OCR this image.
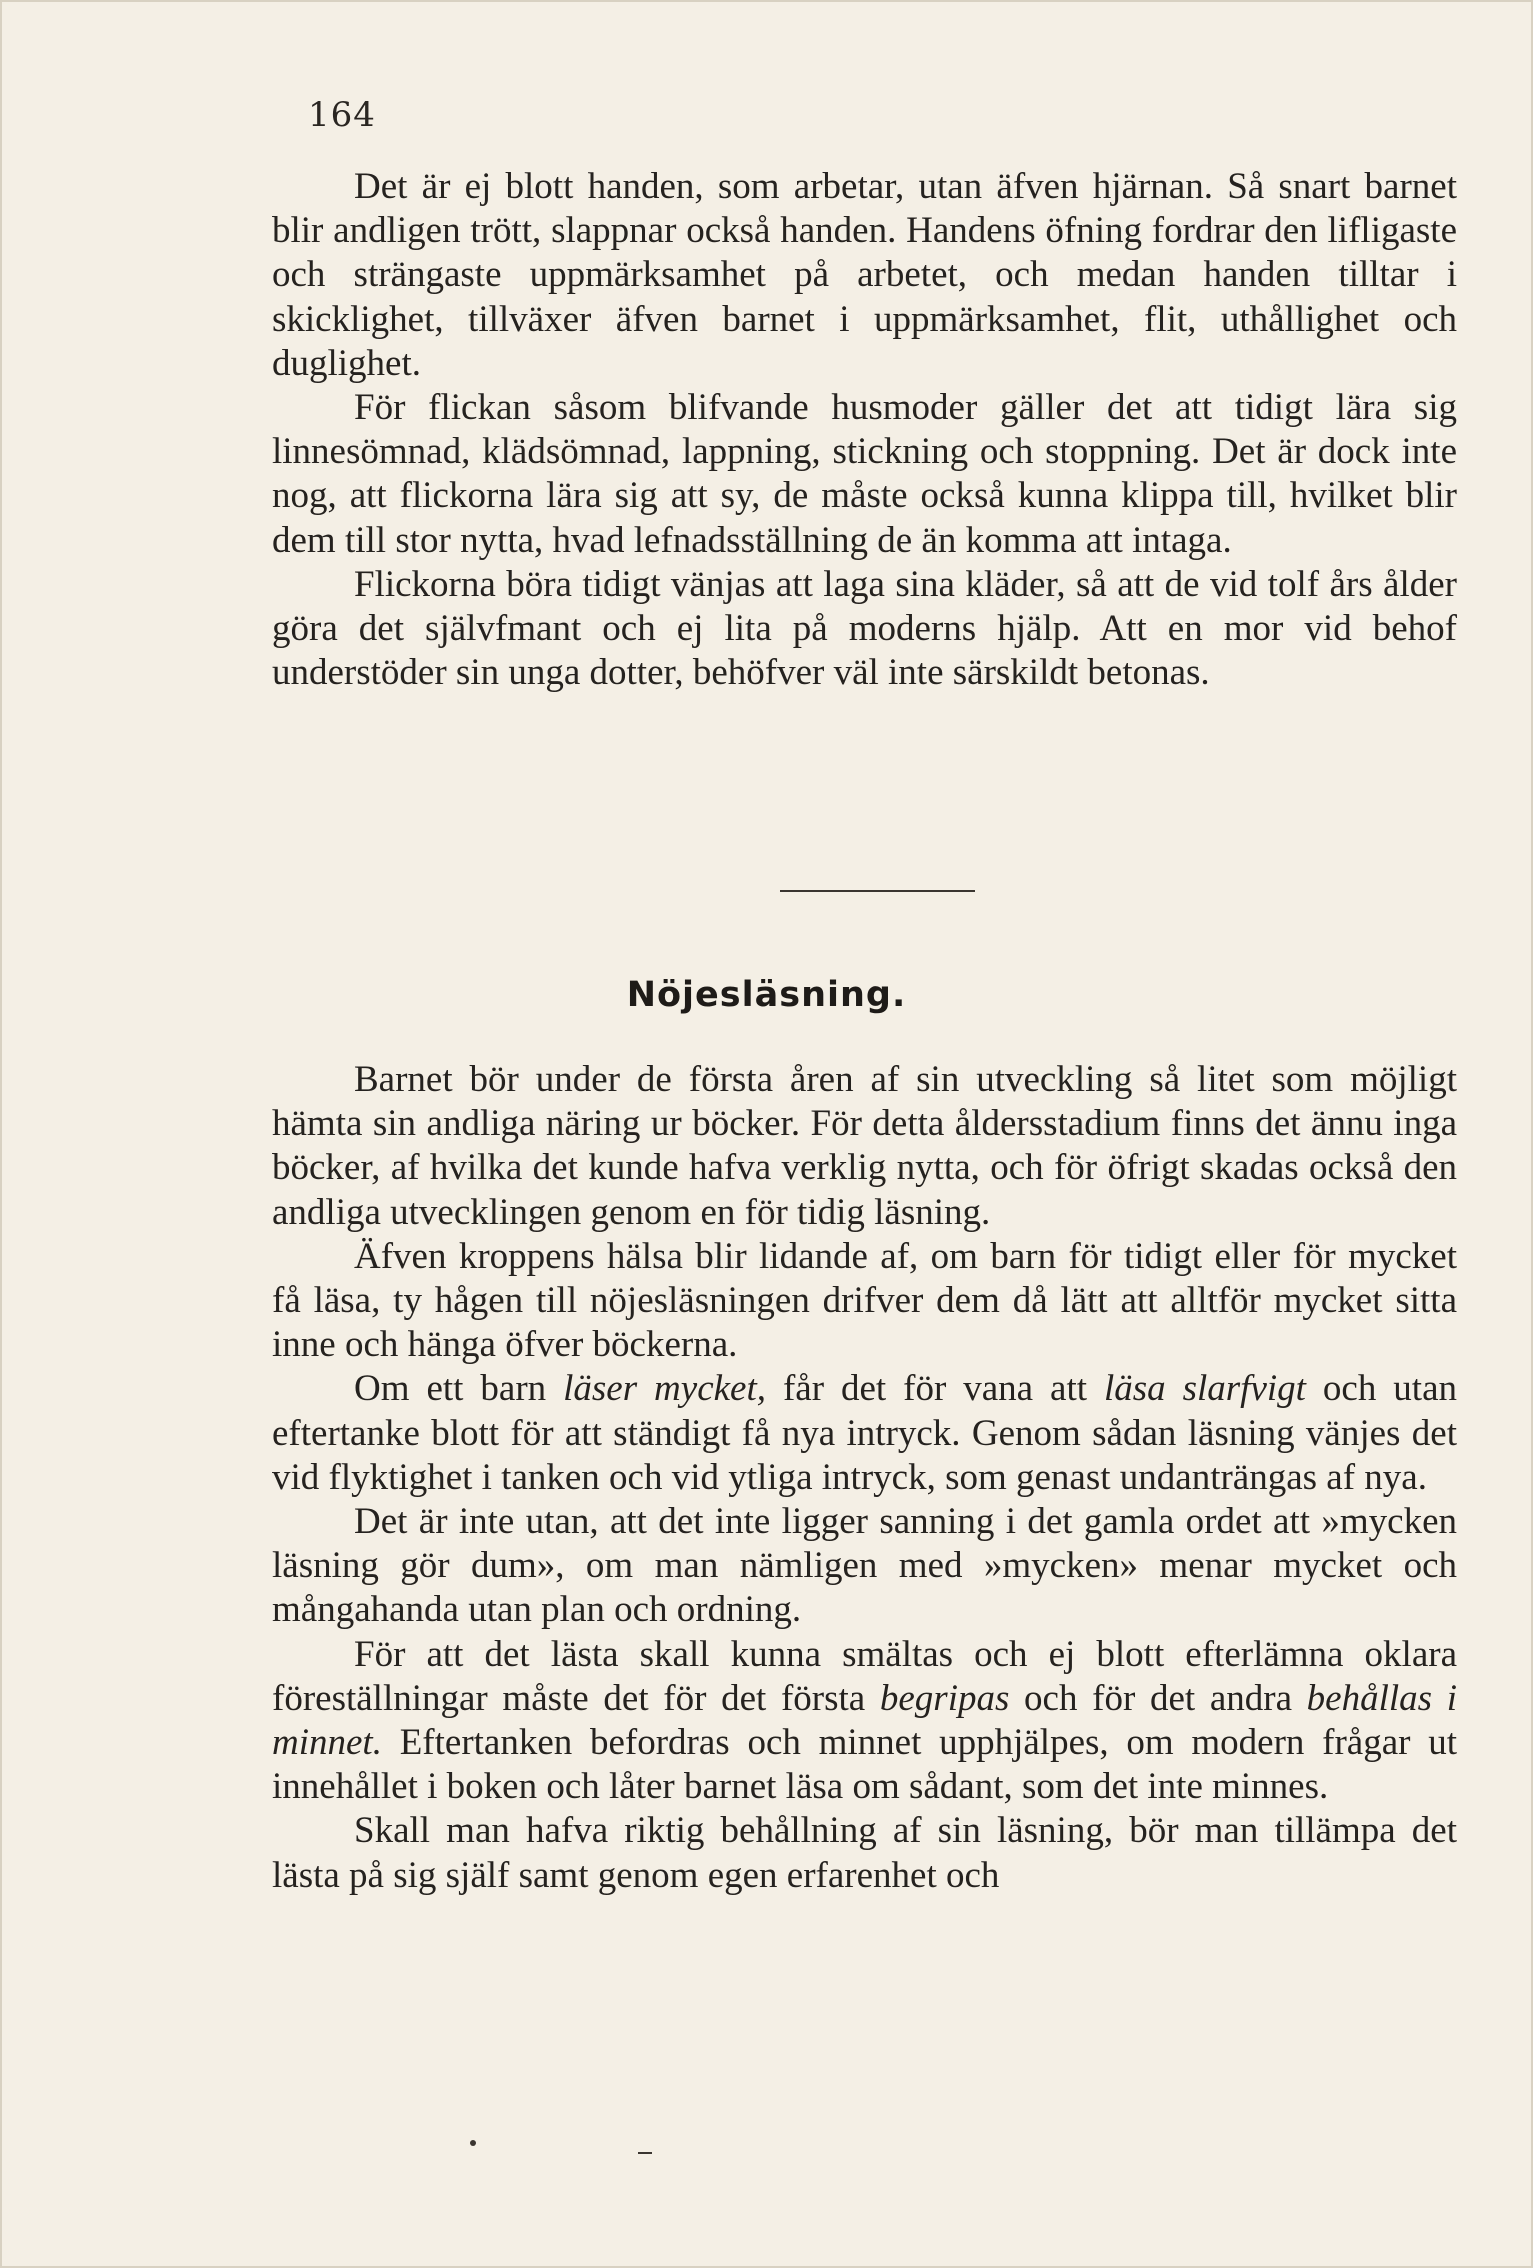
164

Det är ej blott handen, som arbetar, utan äfven hjärnan. Så snart barnet blir andligen trött, slappnar också handen. Handens öfning fordrar den lifligaste och strängaste uppmärksamhet på arbetet, och medan handen tilltar i skicklighet, tillväxer äfven barnet i uppmärksamhet, flit, uthållighet och duglighet.

För flickan såsom blifvande husmoder gäller det att tidigt lära sig linnesömnad, klädsömnad, lappning, stickning och stoppning. Det är dock inte nog, att flickorna lära sig att sy, de måste också kunna klippa till, hvilket blir dem till stor nytta, hvad lefnadsställning de än komma att intaga.

Flickorna böra tidigt vänjas att laga sina kläder, så att de vid tolf års ålder göra det självfmant och ej lita på moderns hjälp. Att en mor vid behof understöder sin unga dotter, behöfver väl inte särskildt betonas.

Nöjesläsning.

Barnet bör under de första åren af sin utveckling så litet som möjligt hämta sin andliga näring ur böcker. För detta åldersstadium finns det ännu inga böcker, af hvilka det kunde hafva verklig nytta, och för öfrigt skadas också den andliga utvecklingen genom en för tidig läsning.

Äfven kroppens hälsa blir lidande af, om barn för tidigt eller för mycket få läsa, ty hågen till nöjesläsningen drifver dem då lätt att alltför mycket sitta inne och hänga öfver böckerna.

Om ett barn läser mycket, får det för vana att läsa slarfvigt och utan eftertanke blott för att ständigt få nya intryck. Genom sådan läsning vänjes det vid flyktighet i tanken och vid ytliga intryck, som genast undanträngas af nya.

Det är inte utan, att det inte ligger sanning i det gamla ordet att »mycken läsning gör dum», om man nämligen med »mycken» menar mycket och mångahanda utan plan och ordning.

För att det lästa skall kunna smältas och ej blott efterlämna oklara föreställningar måste det för det första begripas och för det andra behållas i minnet. Eftertanken befordras och minnet upphjälpes, om modern frågar ut innehållet i boken och låter barnet läsa om sådant, som det inte minnes.

Skall man hafva riktig behållning af sin läsning, bör man tillämpa det lästa på sig själf samt genom egen erfarenhet och
